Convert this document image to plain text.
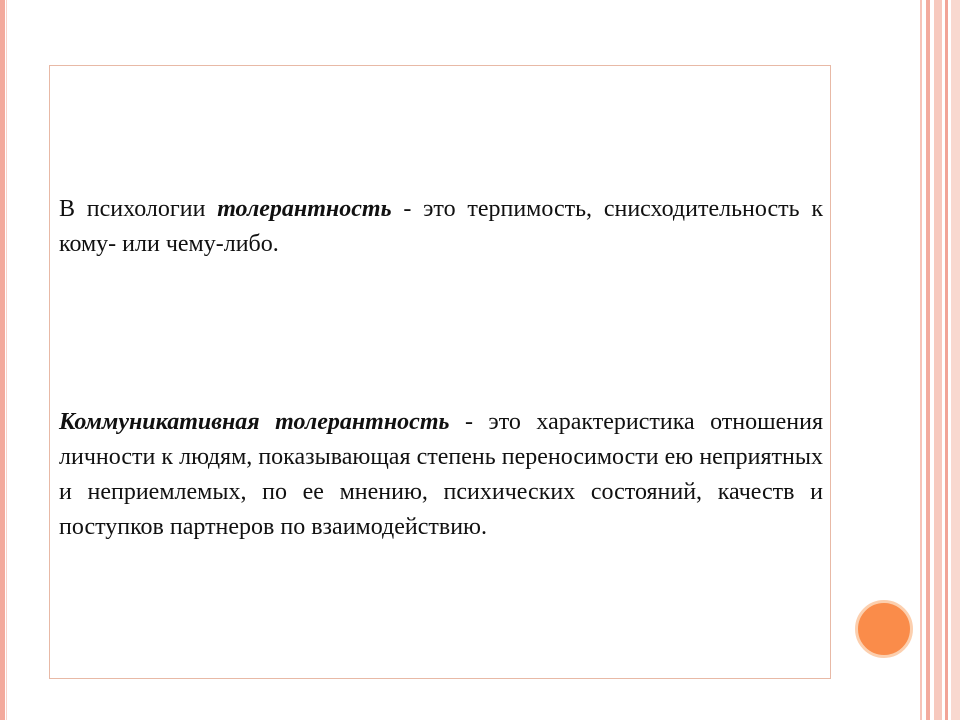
В психологии толерантность - это терпимость, снисходительность к кому- или чему-либо.

Коммуникативная толерантность - это характеристика отношения личности к людям, показывающая степень переносимости ею неприятных и неприемлемых, по ее мнению, психических состояний, качеств и поступков партнеров по взаимодействию.
